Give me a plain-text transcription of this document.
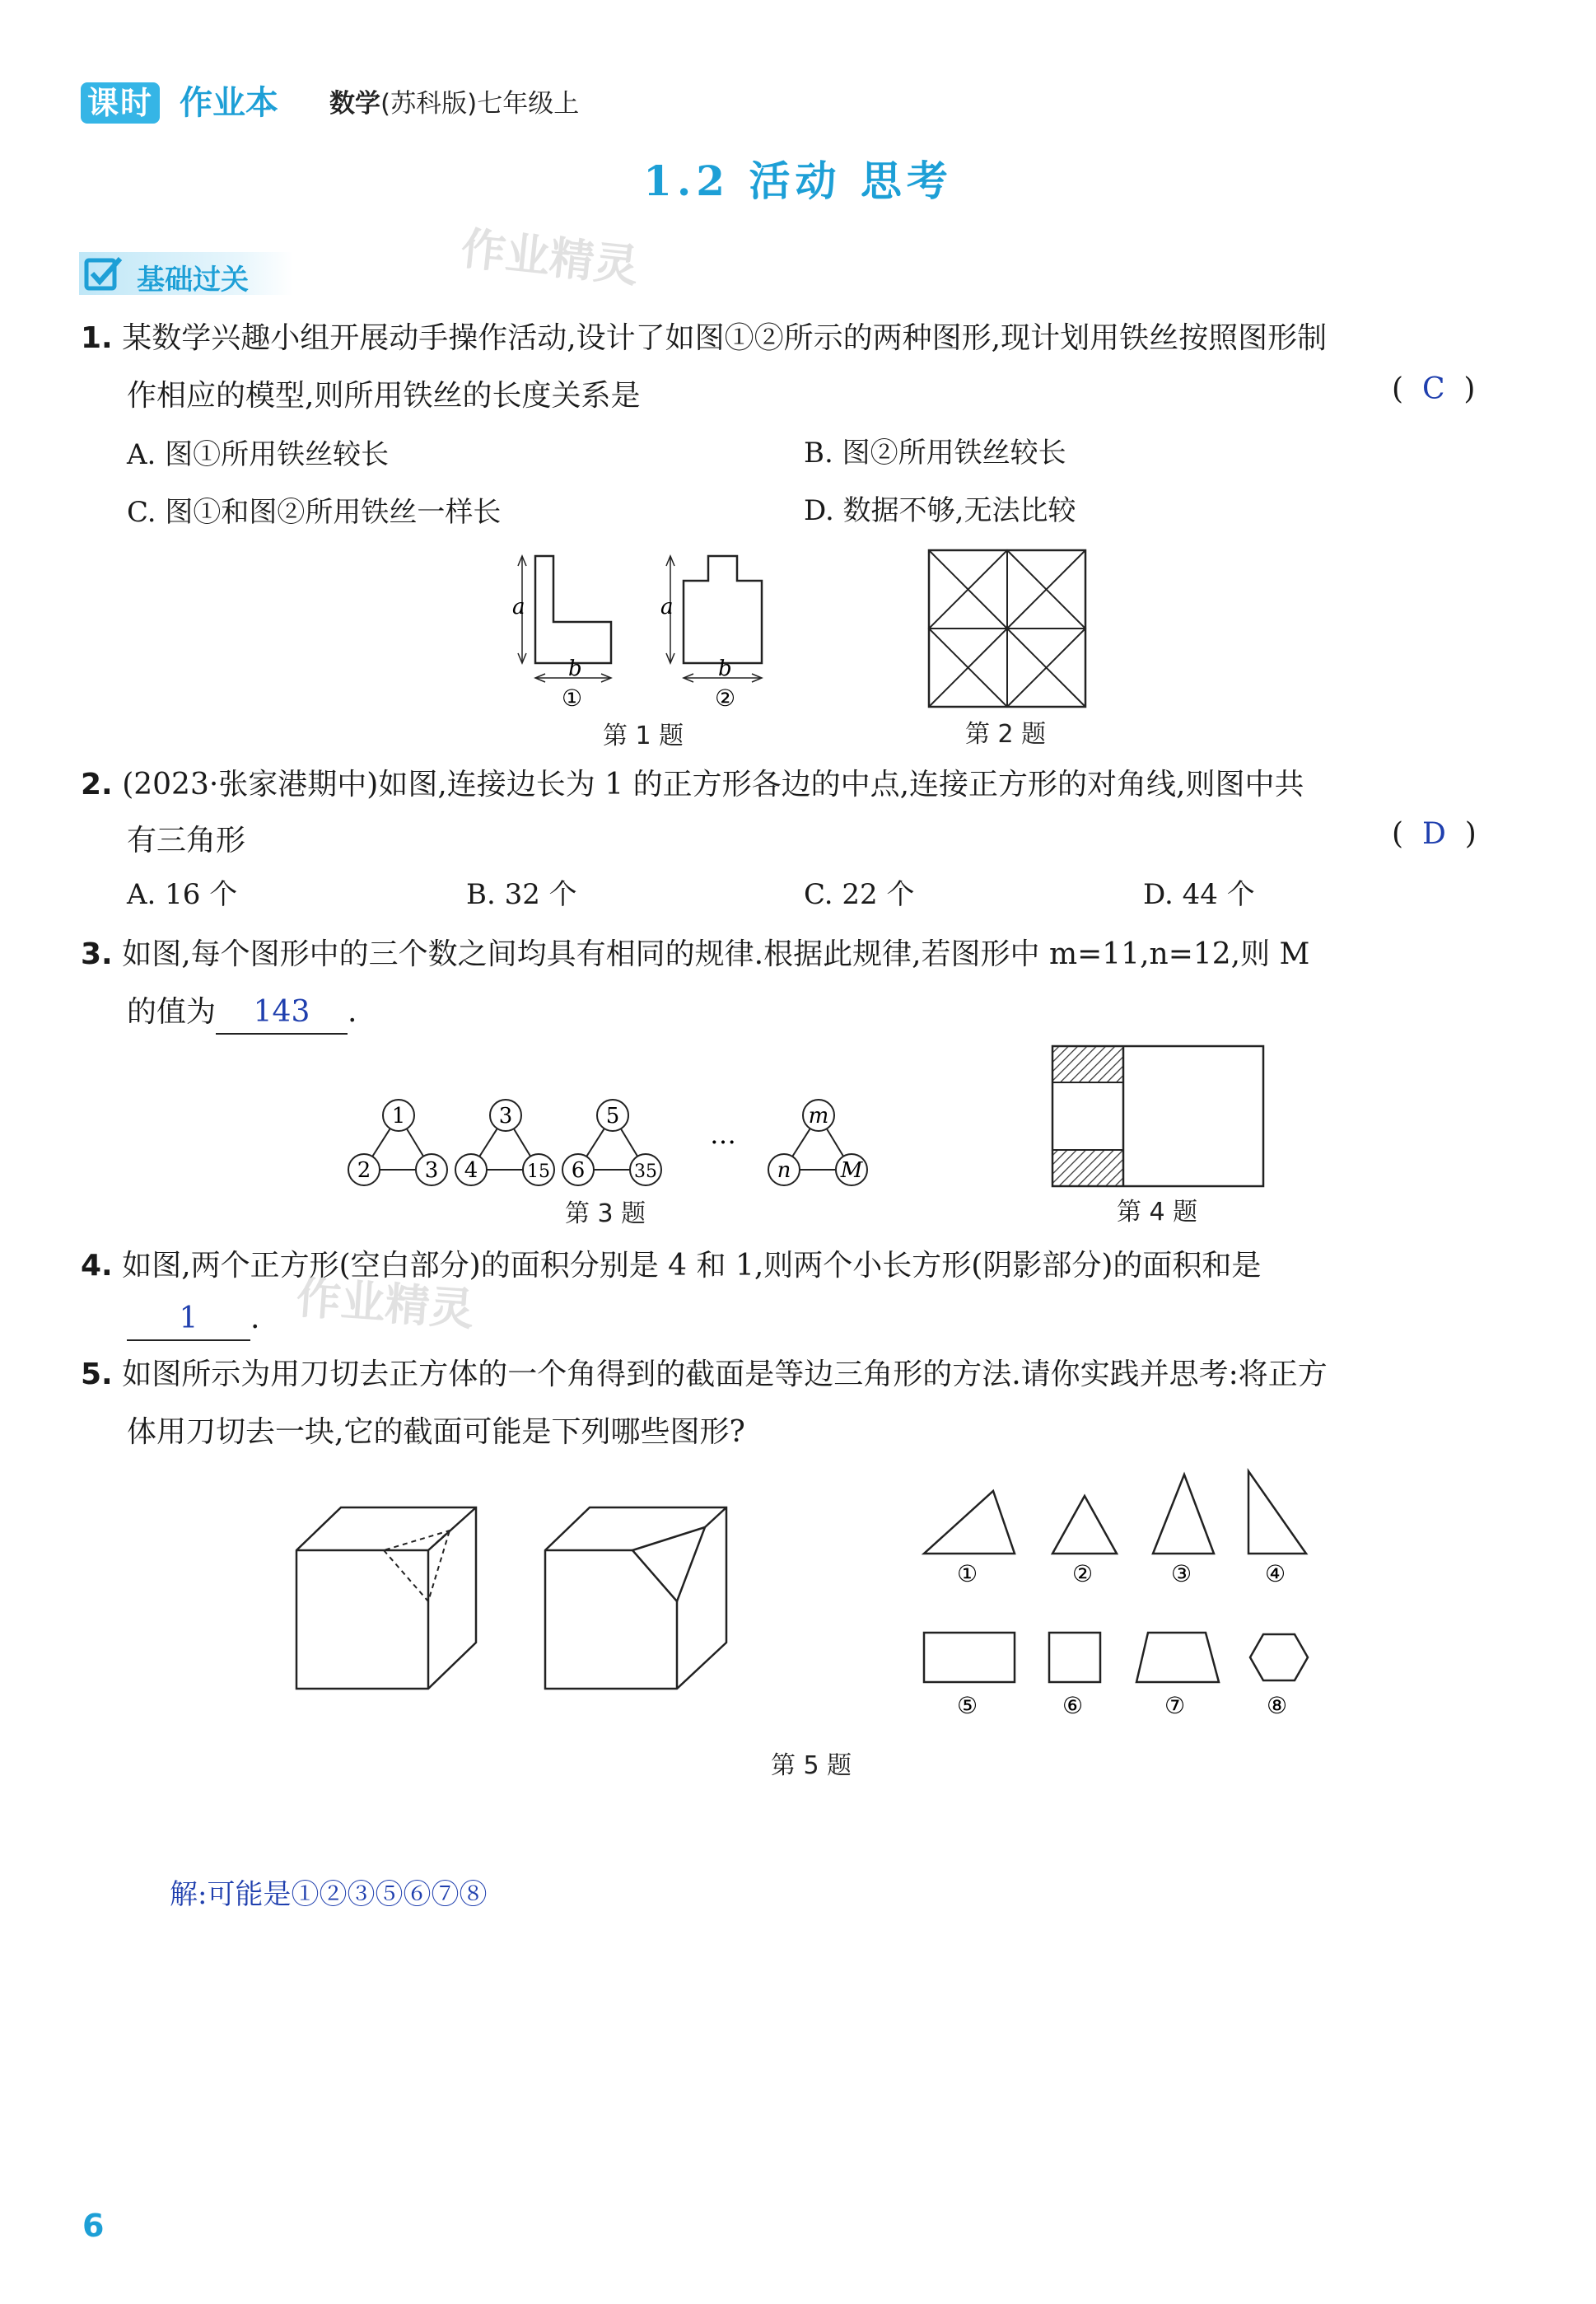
课时 作业本 数学(苏科版)七年级上
1.2 活动 思考
作业精灵
作业精灵
基础过关
1. 某数学兴趣小组开展动手操作活动,设计了如图①②所示的两种图形,现计划用铁丝按照图形制
作相应的模型,则所用铁丝的长度关系是	(  C  )
A. 图①所用铁丝较长	B. 图②所用铁丝较长
C. 图①和图②所用铁丝一样长	D. 数据不够,无法比较
a
b
①
a
b
②
第 1 题	第 2 题
2. (2023·张家港期中)如图,连接边长为 1 的正方形各边的中点,连接正方形的对角线,则图中共
有三角形	(  D  )
A. 16 个	B. 32 个	C. 22 个	D. 44 个
3. 如图,每个图形中的三个数之间均具有相同的规律.根据此规律,若图形中 m=11,n=12,则 M
的值为 143 .
1
2	3
3
4	15
5
6	35
m
n M
…
第 3 题	第 4 题
4. 如图,两个正方形(空白部分)的面积分别是 4 和 1,则两个小长方形(阴影部分)的面积和是
1 .
5. 如图所示为用刀切去正方体的一个角得到的截面是等边三角形的方法.请你实践并思考:将正方
体用刀切去一块,它的截面可能是下列哪些图形?
①	②	③	④
⑤	⑥	⑦	⑧
第 5 题
解:可能是①②③⑤⑥⑦⑧
6
